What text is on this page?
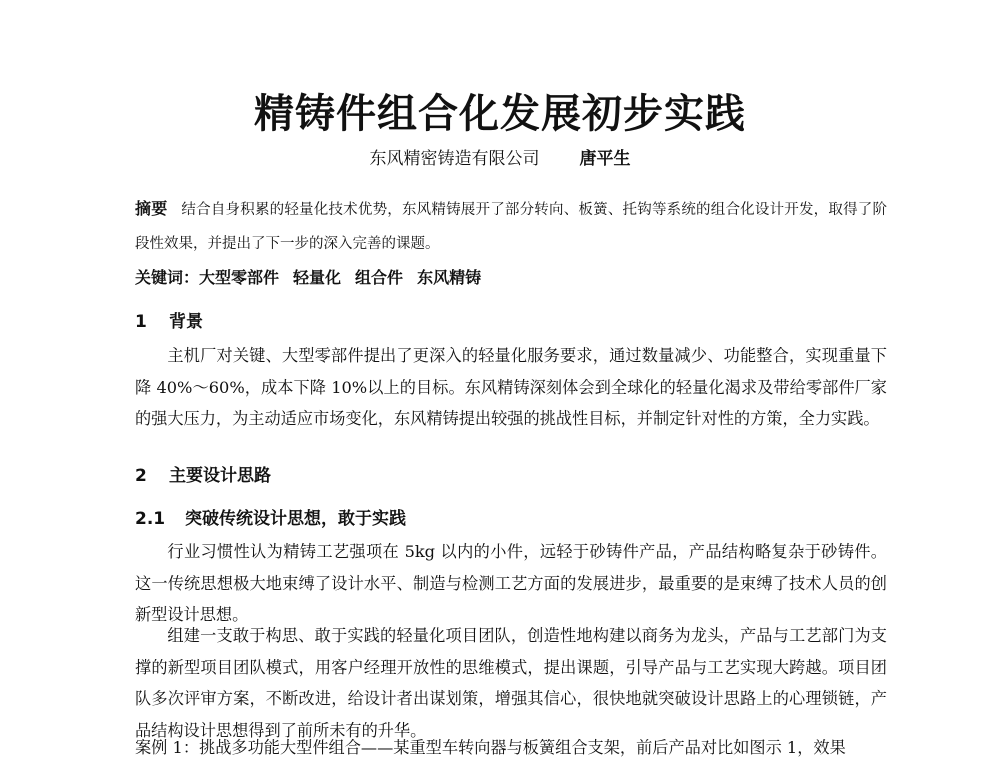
精铸件组合化发展初步实践
东风精密铸造有限公司 唐平生

摘要 结合自身积累的轻量化技术优势，东风精铸展开了部分转向、板簧、托钩等系统的组合化设计开发，取得了阶段性效果，并提出了下一步的深入完善的课题。

关键词：大型零部件 轻量化 组合件 东风精铸
1 背景

主机厂对关键、大型零部件提出了更深入的轻量化服务要求，通过数量减少、功能整合，实现重量下降 40%～60%，成本下降 10%以上的目标。东风精铸深刻体会到全球化的轻量化渴求及带给零部件厂家的强大压力，为主动适应市场变化，东风精铸提出较强的挑战性目标，并制定针对性的方策，全力实践。

2 主要设计思路
2.1 突破传统设计思想，敢于实践

行业习惯性认为精铸工艺强项在 5kg 以内的小件，远轻于砂铸件产品，产品结构略复杂于砂铸件。这一传统思想极大地束缚了设计水平、制造与检测工艺方面的发展进步，最重要的是束缚了技术人员的创新型设计思想。

组建一支敢于构思、敢于实践的轻量化项目团队，创造性地构建以商务为龙头，产品与工艺部门为支撑的新型项目团队模式，用客户经理开放性的思维模式，提出课题，引导产品与工艺实现大跨越。项目团队多次评审方案，不断改进，给设计者出谋划策，增强其信心，很快地就突破设计思路上的心理锁链，产品结构设计思想得到了前所未有的升华。

案例 1：挑战多功能大型件组合——某重型车转向器与板簧组合支架，前后产品对比如图示 1，效果
